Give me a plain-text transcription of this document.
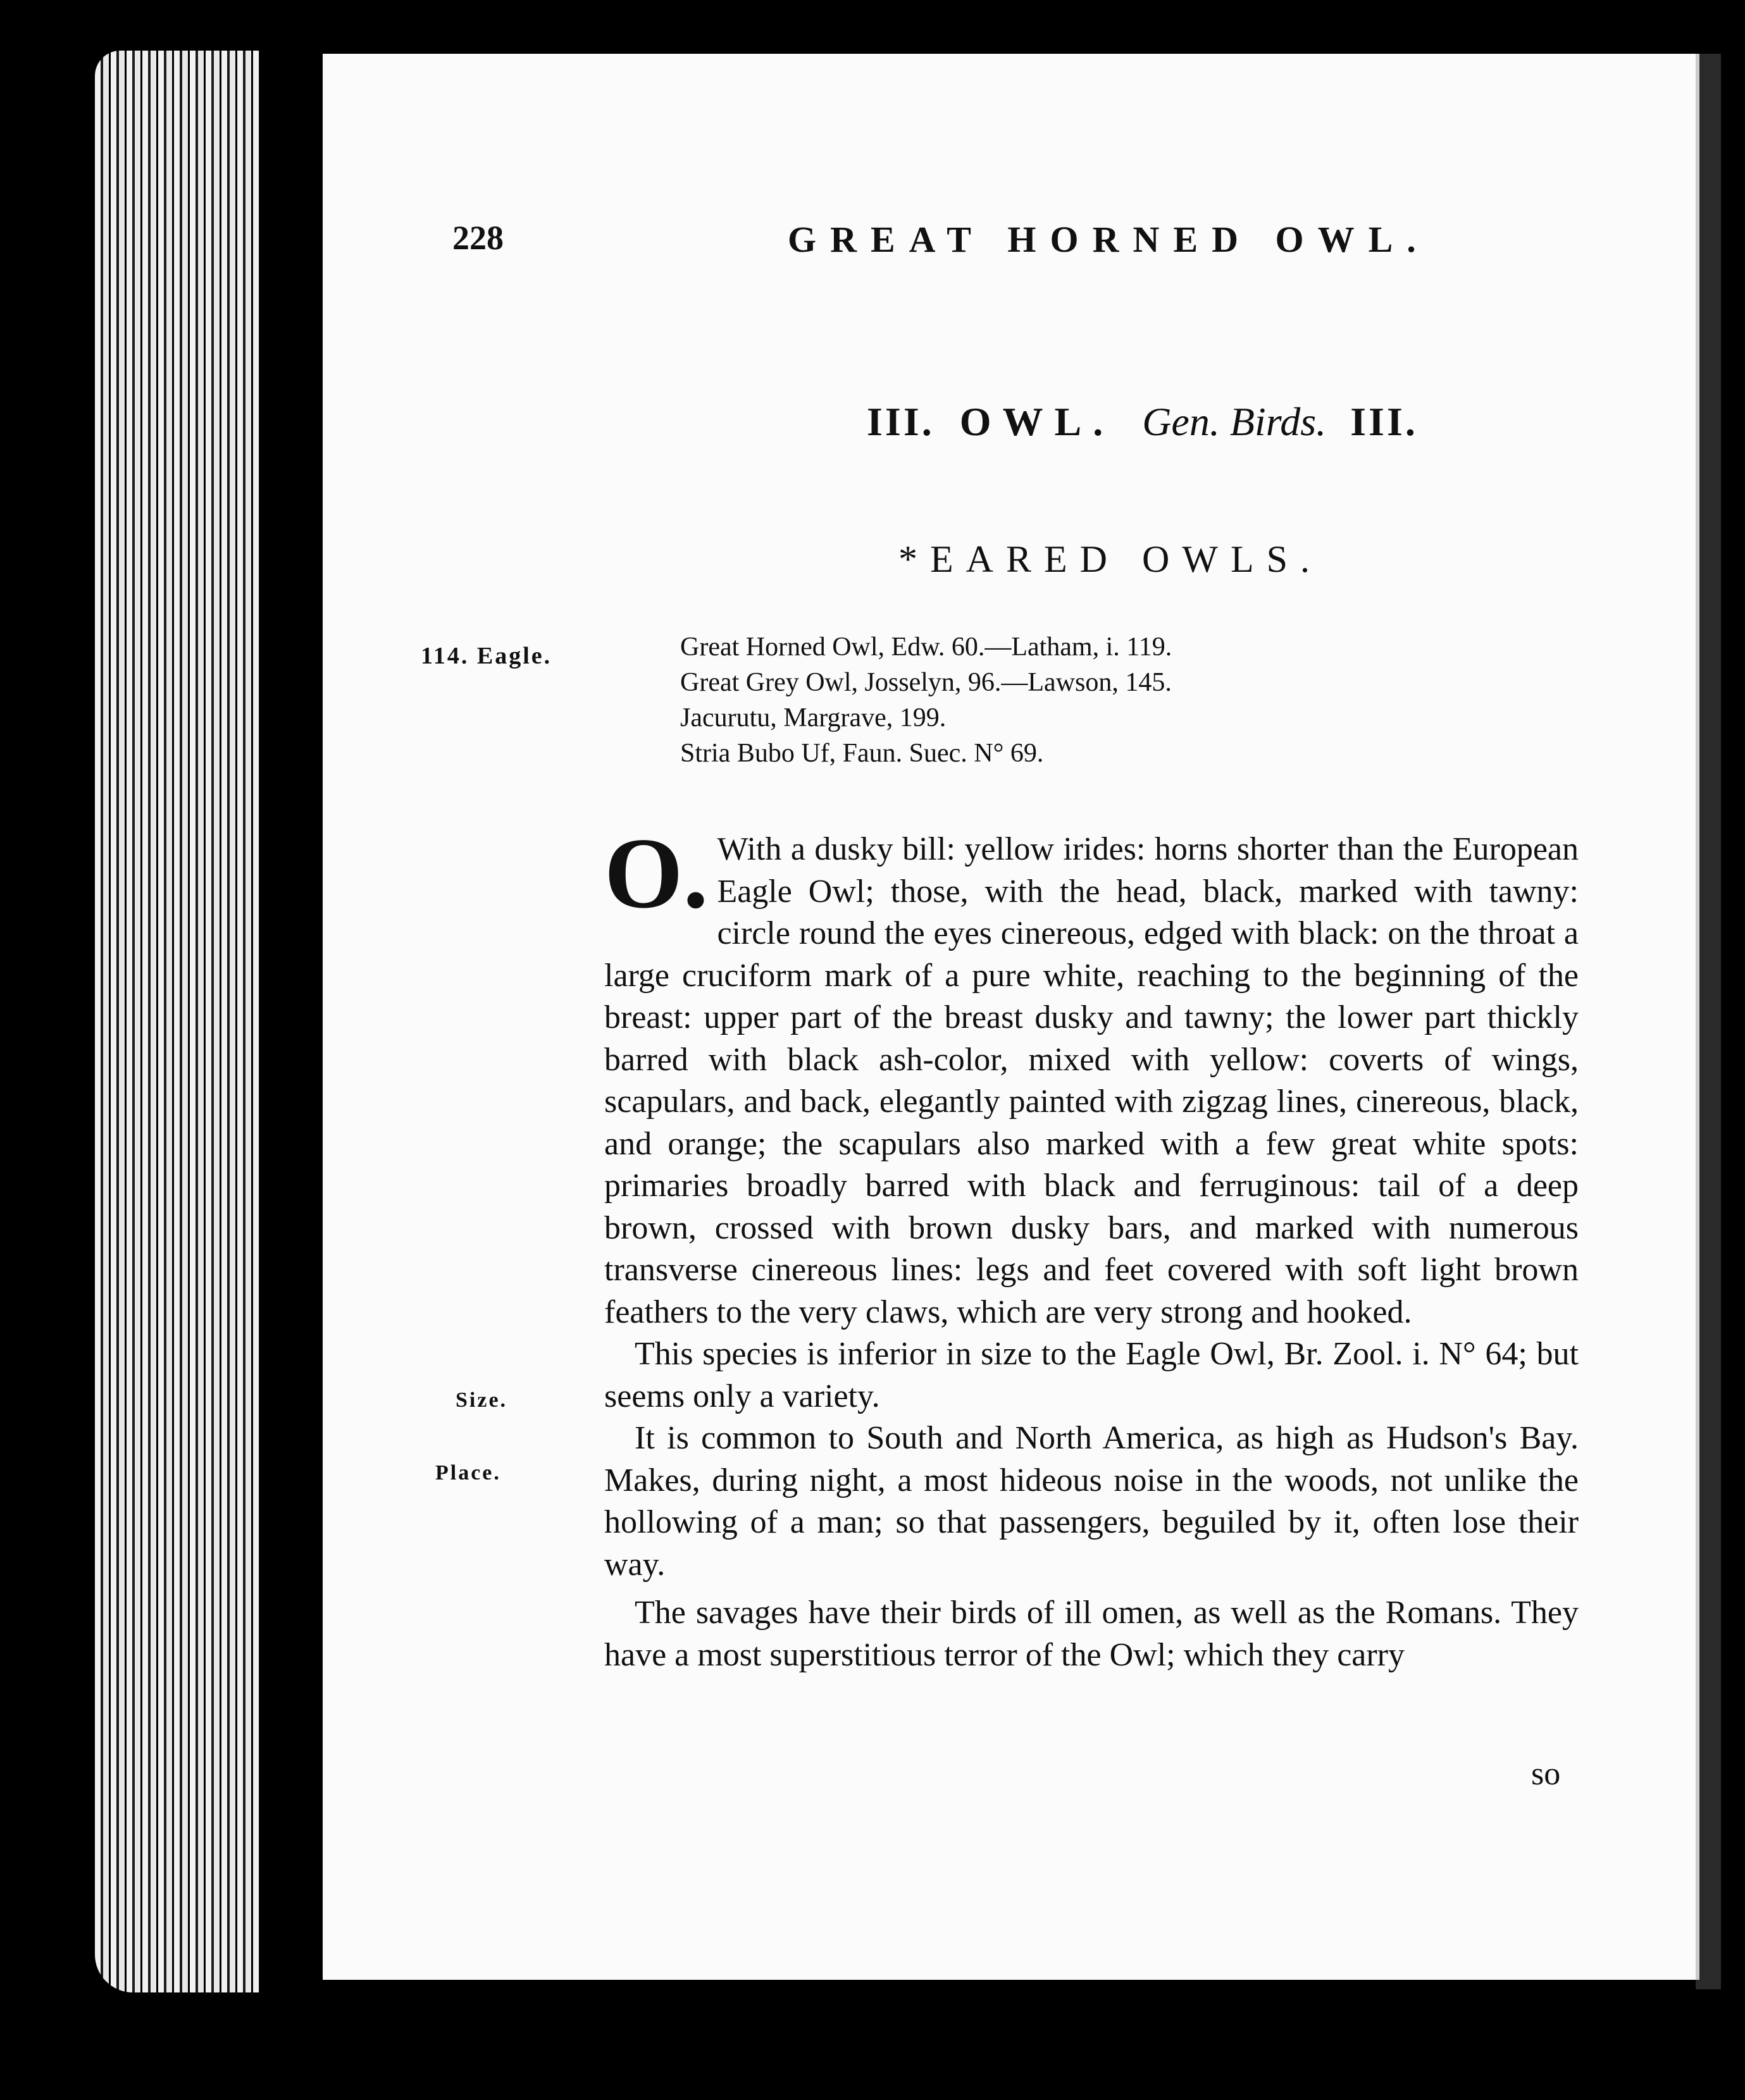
228	GREAT HORNED OWL.
III. OWL. Gen. Birds. III.
*EARED OWLS.
114. Eagle.	Great Horned Owl, Edw. 60.—Latham, i. 119.
Great Grey Owl, Josselyn, 96.—Lawson, 145.
Jacurutu, Margrave, 199.
Stria Bubo Uf, Faun. Suec. N° 69.
Size.
Place.

O. With a dusky bill: yellow irides: horns shorter than the European Eagle Owl; those, with the head, black, marked with tawny: circle round the eyes cinereous, edged with black: on the throat a large cruciform mark of a pure white, reaching to the beginning of the breast: upper part of the breast dusky and tawny; the lower part thickly barred with black ash-color, mixed with yellow: coverts of wings, scapulars, and back, elegantly painted with zigzag lines, cinereous, black, and orange; the scapulars also marked with a few great white spots: primaries broadly barred with black and ferruginous: tail of a deep brown, crossed with brown dusky bars, and marked with numerous transverse cinereous lines: legs and feet covered with soft light brown feathers to the very claws, which are very strong and hooked.

This species is inferior in size to the Eagle Owl, Br. Zool. i. N° 64; but seems only a variety.

It is common to South and North America, as high as Hudson's Bay. Makes, during night, a most hideous noise in the woods, not unlike the hollowing of a man; so that passengers, beguiled by it, often lose their way.

The savages have their birds of ill omen, as well as the Romans. They have a most superstitious terror of the Owl; which they carry

so
